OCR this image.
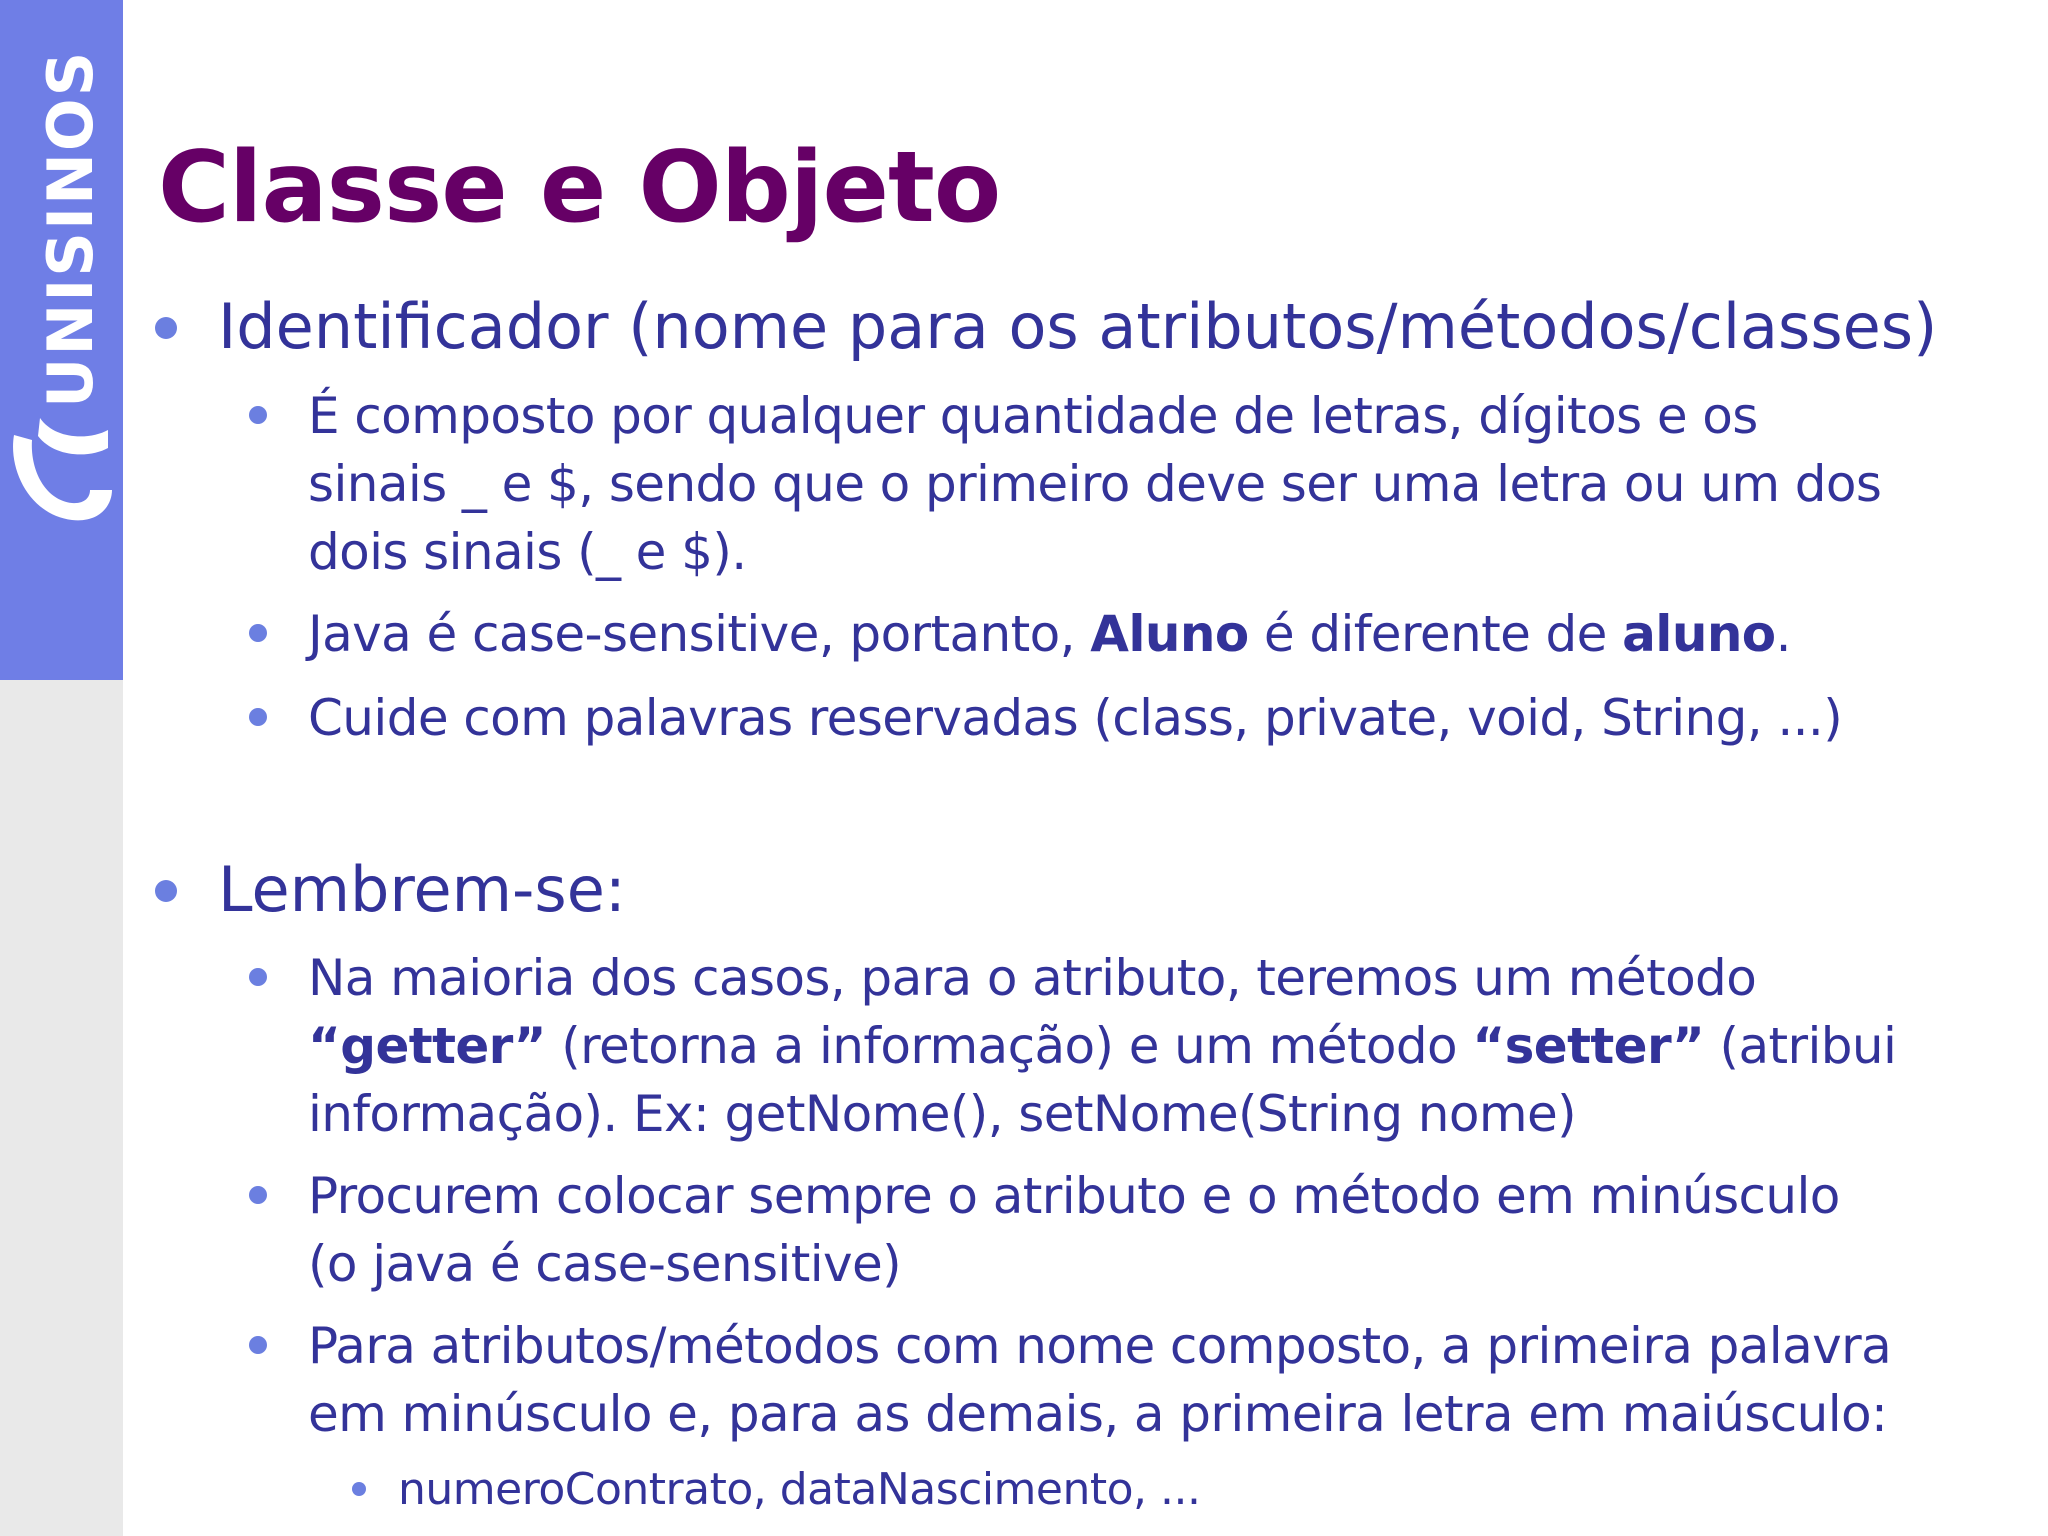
UNISINOS Classe e Objeto
Identificador (nome para os atributos/métodos/classes)
É composto por qualquer quantidade de letras, dígitos e os
sinais _ e $, sendo que o primeiro deve ser uma letra ou um dos
dois sinais (_ e $).
Java é case-sensitive, portanto, Aluno é diferente de aluno.
Cuide com palavras reservadas (class, private, void, String, ...)
Lembrem-se:
Na maioria dos casos, para o atributo, teremos um método
“getter” (retorna a informação) e um método “setter” (atribui
informação). Ex: getNome(), setNome(String nome)
Procurem colocar sempre o atributo e o método em minúsculo
(o java é case-sensitive)
Para atributos/métodos com nome composto, a primeira palavra
em minúsculo e, para as demais, a primeira letra em maiúsculo:
numeroContrato, dataNascimento, ...
